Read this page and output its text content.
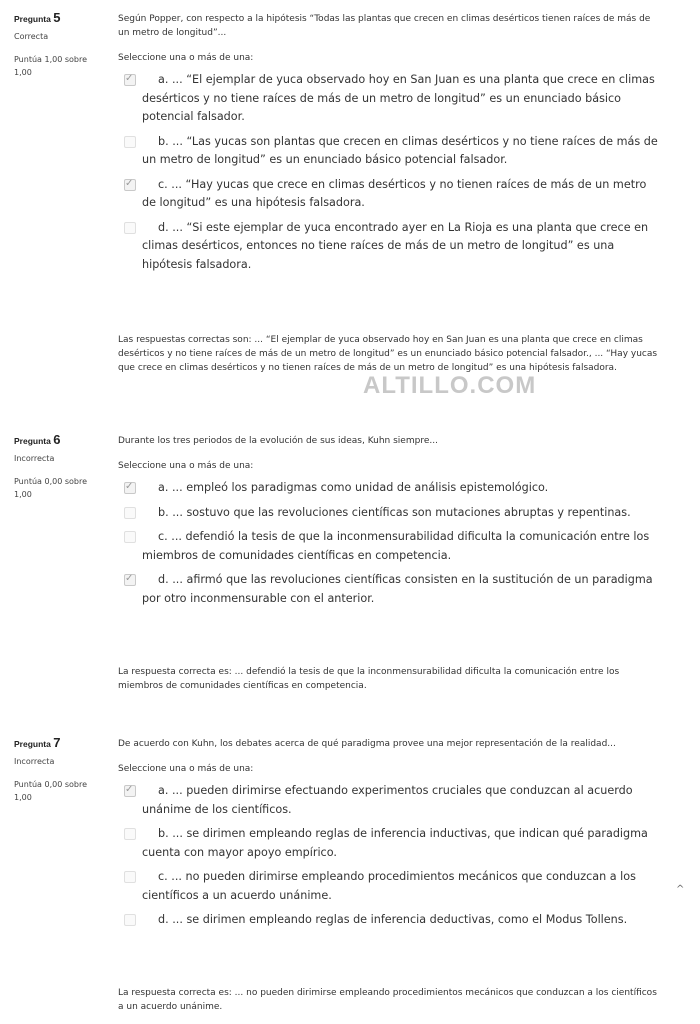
Pregunta 5
Correcta
Puntúa 1,00 sobre 1,00
Según Popper, con respecto a la hipótesis “Todas las plantas que crecen en climas desérticos tienen raíces de más de un metro de longitud”...
Seleccione una o más de una:
✓ a. ... “El ejemplar de yuca observado hoy en San Juan es una planta que crece en climas desérticos y no tiene raíces de más de un metro de longitud” es un enunciado básico potencial falsador.
b. ... “Las yucas son plantas que crecen en climas desérticos y no tiene raíces de más de un metro de longitud” es un enunciado básico potencial falsador.
✓ c. ... “Hay yucas que crece en climas desérticos y no tienen raíces de más de un metro de longitud” es una hipótesis falsadora.
d. ... “Si este ejemplar de yuca encontrado ayer en La Rioja es una planta que crece en climas desérticos, entonces no tiene raíces de más de un metro de longitud” es una hipótesis falsadora.
Las respuestas correctas son: ... “El ejemplar de yuca observado hoy en San Juan es una planta que crece en climas desérticos y no tiene raíces de más de un metro de longitud” es un enunciado básico potencial falsador., ... “Hay yucas que crece en climas desérticos y no tienen raíces de más de un metro de longitud” es una hipótesis falsadora.
ALTILLO.COM
Pregunta 6
Incorrecta
Puntúa 0,00 sobre 1,00
Durante los tres periodos de la evolución de sus ideas, Kuhn siempre...
Seleccione una o más de una:
✓ a. ... empleó los paradigmas como unidad de análisis epistemológico.
b. ... sostuvo que las revoluciones científicas son mutaciones abruptas y repentinas.
c. ... defendió la tesis de que la inconmensurabilidad dificulta la comunicación entre los miembros de comunidades científicas en competencia.
✓ d. ... afirmó que las revoluciones científicas consisten en la sustitución de un paradigma por otro inconmensurable con el anterior.
La respuesta correcta es: ... defendió la tesis de que la inconmensurabilidad dificulta la comunicación entre los miembros de comunidades científicas en competencia.
Pregunta 7
Incorrecta
Puntúa 0,00 sobre 1,00
De acuerdo con Kuhn, los debates acerca de qué paradigma provee una mejor representación de la realidad...
Seleccione una o más de una:
✓ a. ... pueden dirimirse efectuando experimentos cruciales que conduzcan al acuerdo unánime de los científicos.
b. ... se dirimen empleando reglas de inferencia inductivas, que indican qué paradigma cuenta con mayor apoyo empírico.
c. ... no pueden dirimirse empleando procedimientos mecánicos que conduzcan a los científicos a un acuerdo unánime.
d. ... se dirimen empleando reglas de inferencia deductivas, como el Modus Tollens.
La respuesta correcta es: ... no pueden dirimirse empleando procedimientos mecánicos que conduzcan a los científicos a un acuerdo unánime.
^
